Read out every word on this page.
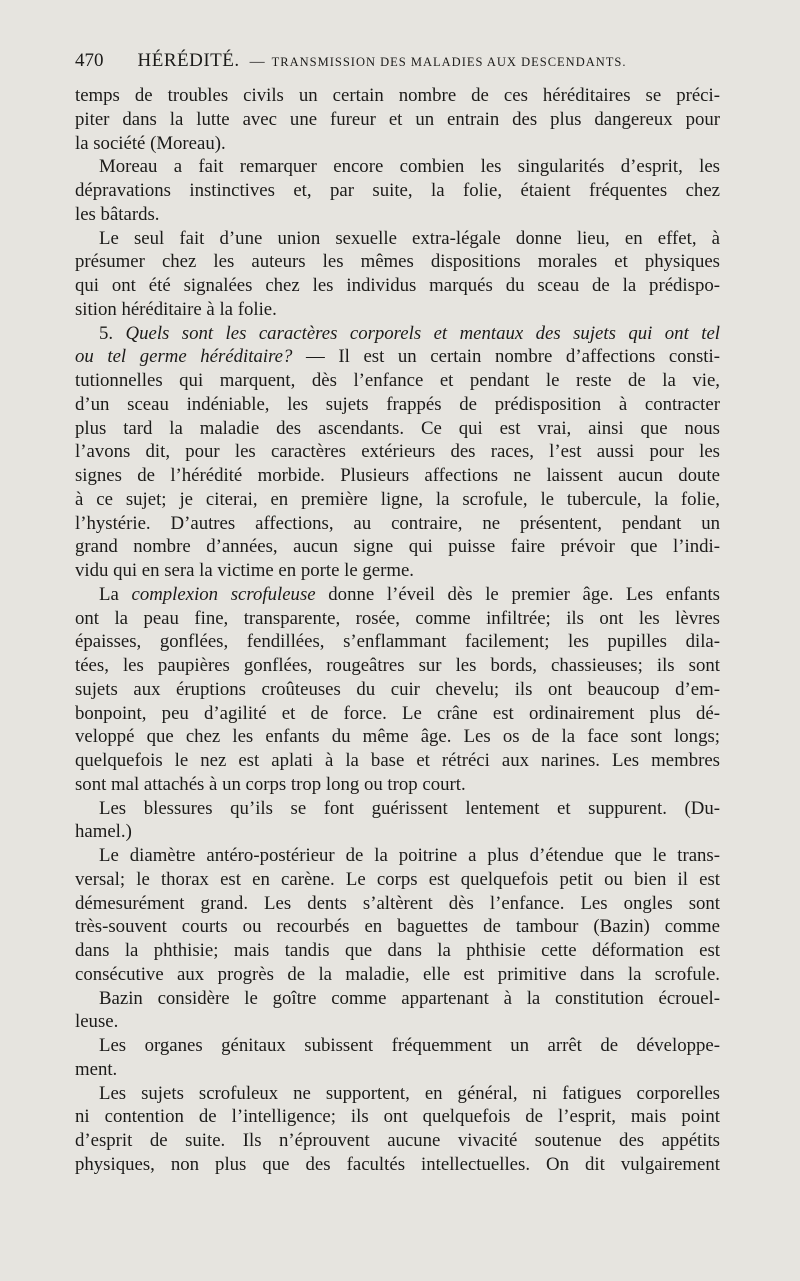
470 HÉRÉDITÉ. — TRANSMISSION DES MALADIES AUX DESCENDANTS.
temps de troubles civils un certain nombre de ces héréditaires se préci-
piter dans la lutte avec une fureur et un entrain des plus dangereux pour
la société (Moreau).
Moreau a fait remarquer encore combien les singularités d’esprit, les
dépravations instinctives et, par suite, la folie, étaient fréquentes chez
les bâtards.
Le seul fait d’une union sexuelle extra-légale donne lieu, en effet, à
présumer chez les auteurs les mêmes dispositions morales et physiques
qui ont été signalées chez les individus marqués du sceau de la prédispo-
sition héréditaire à la folie.
5. Quels sont les caractères corporels et mentaux des sujets qui ont tel
ou tel germe héréditaire? — Il est un certain nombre d’affections consti-
tutionnelles qui marquent, dès l’enfance et pendant le reste de la vie,
d’un sceau indéniable, les sujets frappés de prédisposition à contracter
plus tard la maladie des ascendants. Ce qui est vrai, ainsi que nous
l’avons dit, pour les caractères extérieurs des races, l’est aussi pour les
signes de l’hérédité morbide. Plusieurs affections ne laissent aucun doute
à ce sujet; je citerai, en première ligne, la scrofule, le tubercule, la folie,
l’hystérie. D’autres affections, au contraire, ne présentent, pendant un
grand nombre d’années, aucun signe qui puisse faire prévoir que l’indi-
vidu qui en sera la victime en porte le germe.
La complexion scrofuleuse donne l’éveil dès le premier âge. Les enfants
ont la peau fine, transparente, rosée, comme infiltrée; ils ont les lèvres
épaisses, gonflées, fendillées, s’enflammant facilement; les pupilles dila-
tées, les paupières gonflées, rougeâtres sur les bords, chassieuses; ils sont
sujets aux éruptions croûteuses du cuir chevelu; ils ont beaucoup d’em-
bonpoint, peu d’agilité et de force. Le crâne est ordinairement plus dé-
veloppé que chez les enfants du même âge. Les os de la face sont longs;
quelquefois le nez est aplati à la base et rétréci aux narines. Les membres
sont mal attachés à un corps trop long ou trop court.
Les blessures qu’ils se font guérissent lentement et suppurent. (Du-
hamel.)
Le diamètre antéro-postérieur de la poitrine a plus d’étendue que le trans-
versal; le thorax est en carène. Le corps est quelquefois petit ou bien il est
démesurément grand. Les dents s’altèrent dès l’enfance. Les ongles sont
très-souvent courts ou recourbés en baguettes de tambour (Bazin) comme
dans la phthisie; mais tandis que dans la phthisie cette déformation est
consécutive aux progrès de la maladie, elle est primitive dans la scrofule.
Bazin considère le goître comme appartenant à la constitution écrouel-
leuse.
Les organes génitaux subissent fréquemment un arrêt de développe-
ment.
Les sujets scrofuleux ne supportent, en général, ni fatigues corporelles
ni contention de l’intelligence; ils ont quelquefois de l’esprit, mais point
d’esprit de suite. Ils n’éprouvent aucune vivacité soutenue des appétits
physiques, non plus que des facultés intellectuelles. On dit vulgairement
